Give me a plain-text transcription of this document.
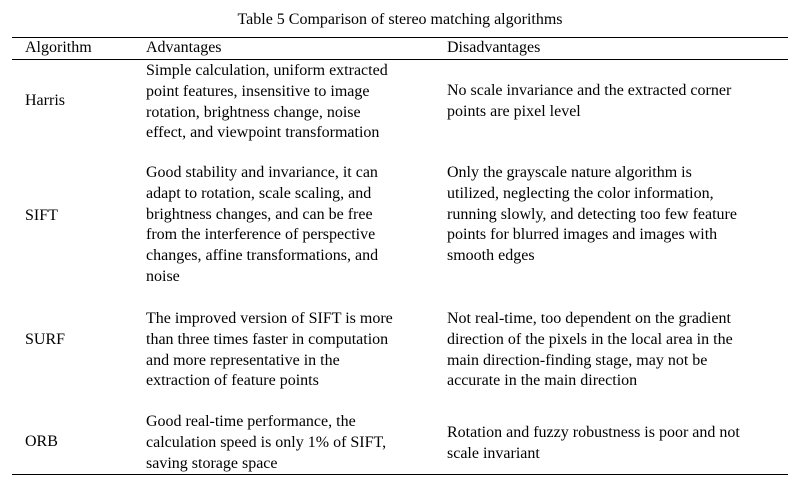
Table 5 Comparison of stereo matching algorithms
Algorithm	Advantages	Disadvantages
Harris
Simple calculation, uniform extracted
point features, insensitive to image
rotation, brightness change, noise
effect, and viewpoint transformation
No scale invariance and the extracted corner
points are pixel level
SIFT
Good stability and invariance, it can
adapt to rotation, scale scaling, and
brightness changes, and can be free
from the interference of perspective
changes, affine transformations, and
noise
Only the grayscale nature algorithm is
utilized, neglecting the color information,
running slowly, and detecting too few feature
points for blurred images and images with
smooth edges
SURF
The improved version of SIFT is more
than three times faster in computation
and more representative in the
extraction of feature points
Not real-time, too dependent on the gradient
direction of the pixels in the local area in the
main direction-finding stage, may not be
accurate in the main direction
ORB
Good real-time performance, the
calculation speed is only 1% of SIFT,
saving storage space
Rotation and fuzzy robustness is poor and not
scale invariant
